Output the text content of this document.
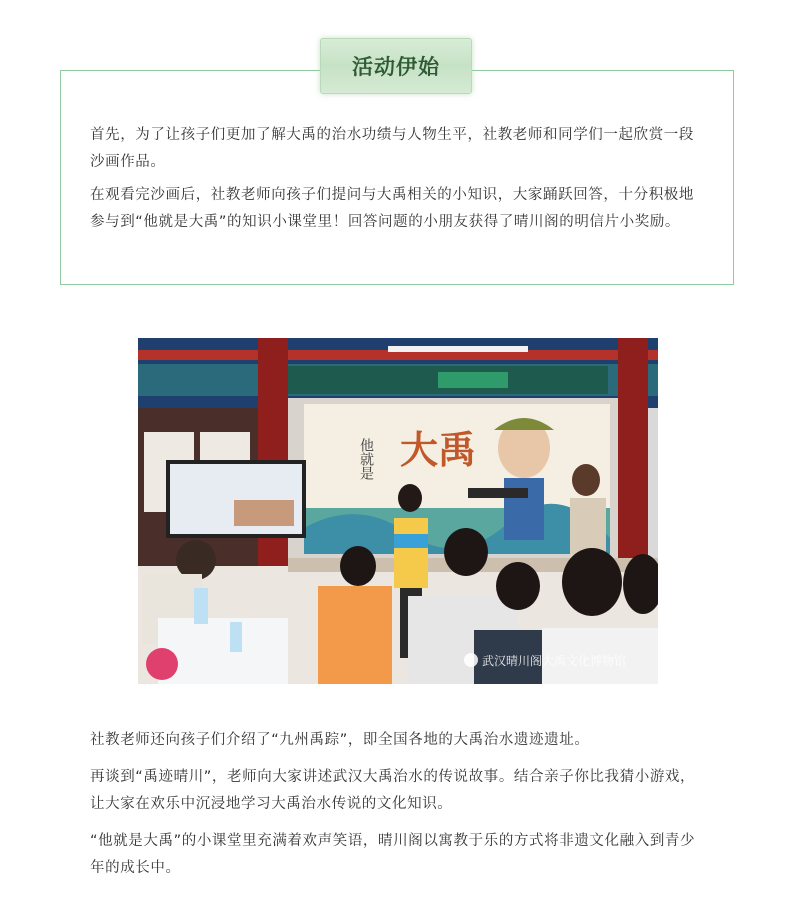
活动伊始

首先，为了让孩子们更加了解大禹的治水功绩与人物生平，社教老师和同学们一起欣赏一段沙画作品。

在观看完沙画后，社教老师向孩子们提问与大禹相关的小知识，大家踊跃回答，十分积极地参与到“他就是大禹”的知识小课堂里！回答问题的小朋友获得了晴川阁的明信片小奖励。

大禹
他就是
武汉晴川阁大禹文化博物馆

社教老师还向孩子们介绍了“九州禹踪”，即全国各地的大禹治水遗迹遗址。

再谈到“禹迹晴川”，老师向大家讲述武汉大禹治水的传说故事。结合亲子你比我猜小游戏，让大家在欢乐中沉浸地学习大禹治水传说的文化知识。

“他就是大禹”的小课堂里充满着欢声笑语，晴川阁以寓教于乐的方式将非遗文化融入到青少年的成长中。
